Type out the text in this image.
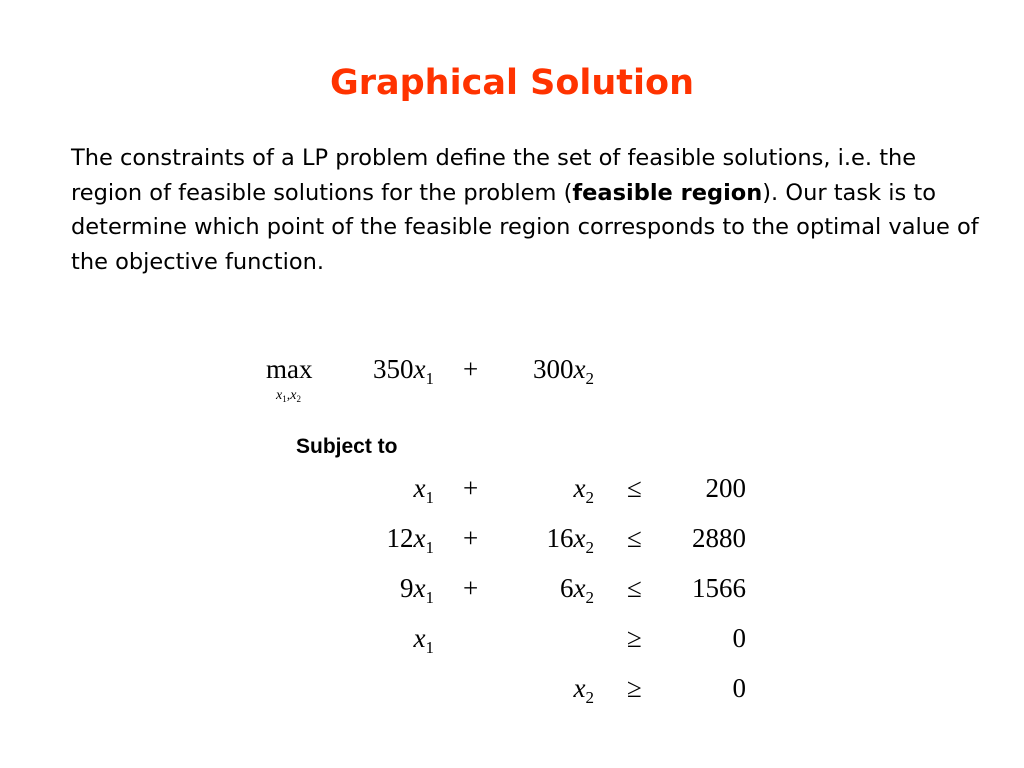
Graphical Solution
The constraints of a LP problem define the set of feasible solutions, i.e. the region of feasible solutions for the problem (feasible region). Our task is to determine which point of the feasible region corresponds to the optimal value of the objective function.
max
$x_1,x_2$
$350x_1$ +	$300x_2$
Subject to
$x_1$ +	$x_2$ ≤	200
$12x_1$ +	$16x_2$ ≤	2880
$9x_1$ +	$6x_2$ ≤	1566
$x_1$	≥	0
$x_2$ ≥	0
